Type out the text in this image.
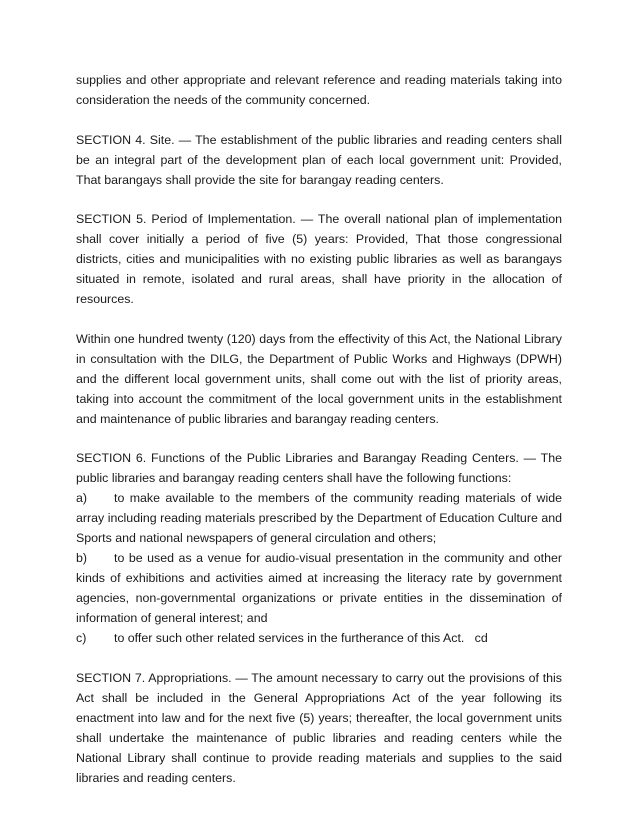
supplies and other appropriate and relevant reference and reading materials taking into consideration the needs of the community concerned.

SECTION 4. Site. — The establishment of the public libraries and reading centers shall be an integral part of the development plan of each local government unit: Provided, That barangays shall provide the site for barangay reading centers.

SECTION 5. Period of Implementation. — The overall national plan of implementation shall cover initially a period of five (5) years: Provided, That those congressional districts, cities and municipalities with no existing public libraries as well as barangays situated in remote, isolated and rural areas, shall have priority in the allocation of resources.

Within one hundred twenty (120) days from the effectivity of this Act, the National Library in consultation with the DILG, the Department of Public Works and Highways (DPWH) and the different local government units, shall come out with the list of priority areas, taking into account the commitment of the local government units in the establishment and maintenance of public libraries and barangay reading centers.

SECTION 6. Functions of the Public Libraries and Barangay Reading Centers. — The public libraries and barangay reading centers shall have the following functions:

a) to make available to the members of the community reading materials of wide array including reading materials prescribed by the Department of Education Culture and Sports and national newspapers of general circulation and others;
b) to be used as a venue for audio-visual presentation in the community and other kinds of exhibitions and activities aimed at increasing the literacy rate by government agencies, non-governmental organizations or private entities in the dissemination of information of general interest; and
c) to offer such other related services in the furtherance of this Act.   cd

SECTION 7. Appropriations. — The amount necessary to carry out the provisions of this Act shall be included in the General Appropriations Act of the year following its enactment into law and for the next five (5) years; thereafter, the local government units shall undertake the maintenance of public libraries and reading centers while the National Library shall continue to provide reading materials and supplies to the said libraries and reading centers.
